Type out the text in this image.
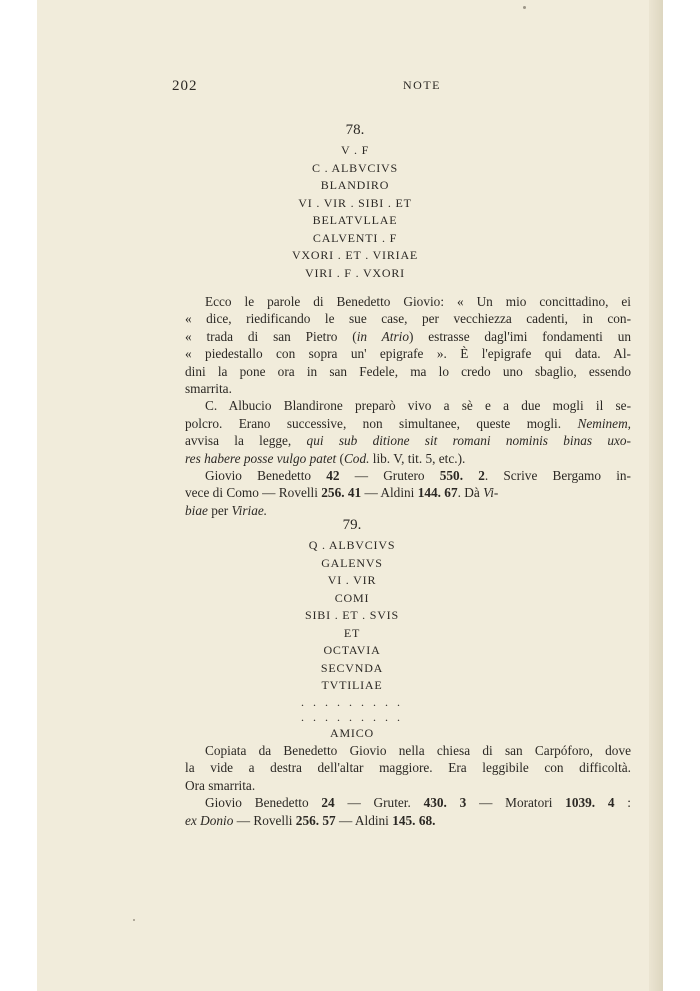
202	NOTE
78.
V . F
C . ALBVCIVS
BLANDIRO
VI . VIR . SIBI . ET
BELATVLLAE
CALVENTI . F
VXORI . ET . VIRIAE
VIRI . F . VXORI

Ecco le parole di Benedetto Giovio: « Un mio concittadino, ei
« dice, riedificando le sue case, per vecchiezza cadenti, in con-
« trada di san Pietro (in Atrio) estrasse dagl'imi fondamenti un
« piedestallo con sopra un' epigrafe ». È l'epigrafe qui data. Al-
dini la pone ora in san Fedele, ma lo credo uno sbaglio, essendo
smarrita.

C. Albucio Blandirone preparò vivo a sè e a due mogli il se-
polcro. Erano successive, non simultanee, queste mogli. Neminem,
avvisa la legge, qui sub ditione sit romani nominis binas uxo-
res habere posse vulgo patet (Cod. lib. V, tit. 5, etc.).

Giovio Benedetto 42 — Grutero 550. 2. Scrive Bergamo in-
vece di Como — Rovelli 256. 41 — Aldini 144. 67. Dà Vi-
biae per Viriae.

79.
Q . ALBVCIVS
GALENVS
VI . VIR
COMI
SIBI . ET . SVIS
ET
OCTAVIA
SECVNDA
TVTILIAE
. . . . . . . . .
. . . . . . . . .
AMICO

Copiata da Benedetto Giovio nella chiesa di san Carpóforo, dove
la vide a destra dell'altar maggiore. Era leggibile con difficoltà.
Ora smarrita.

Giovio Benedetto 24 — Gruter. 430. 3 — Moratori 1039. 4 :
ex Donio — Rovelli 256. 57 — Aldini 145. 68.
